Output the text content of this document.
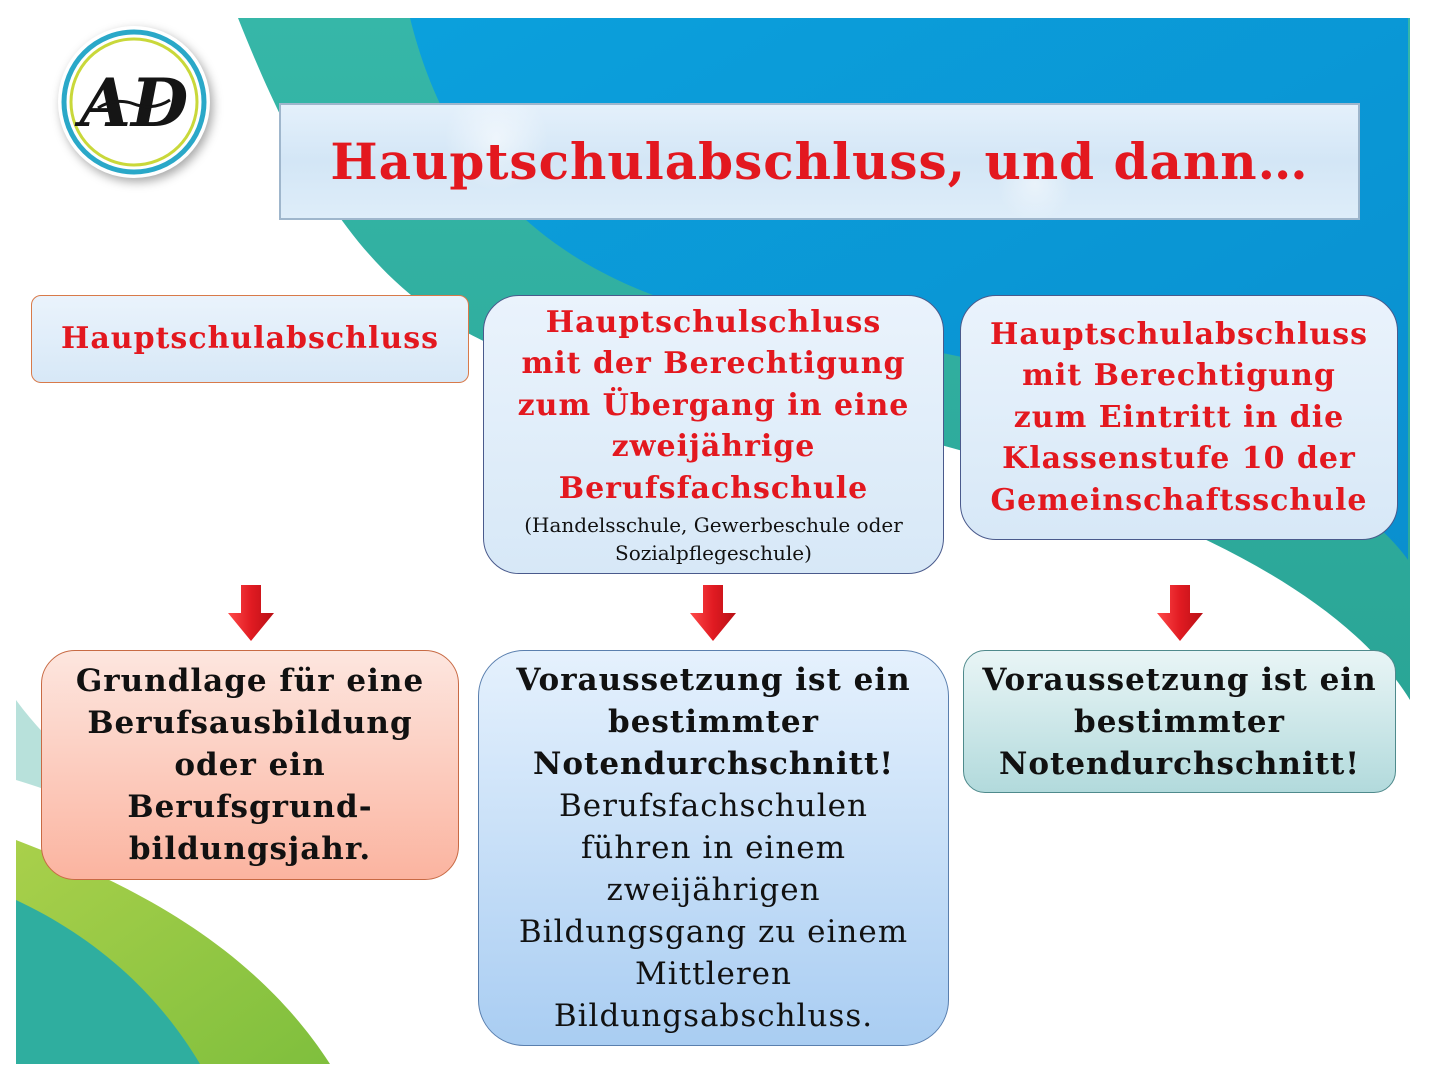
AD
Hauptschulabschluss, und dann…
Hauptschulabschluss	Hauptschulschluss
mit der Berechtigung
zum Übergang in eine
zweijährige
Berufsfachschule
(Handelsschule, Gewerbeschule oder
Sozialpflegeschule)
Hauptschulabschluss
mit Berechtigung
zum Eintritt in die
Klassenstufe 10 der
Gemeinschaftsschule
Grundlage für eine
Berufsausbildung
oder ein
Berufsgrund-
bildungsjahr.
Voraussetzung ist ein
bestimmter
Notendurchschnitt!
Berufsfachschulen
führen in einem
zweijährigen
Bildungsgang zu einem
Mittleren
Bildungsabschluss.
Voraussetzung ist ein
bestimmter
Notendurchschnitt!
